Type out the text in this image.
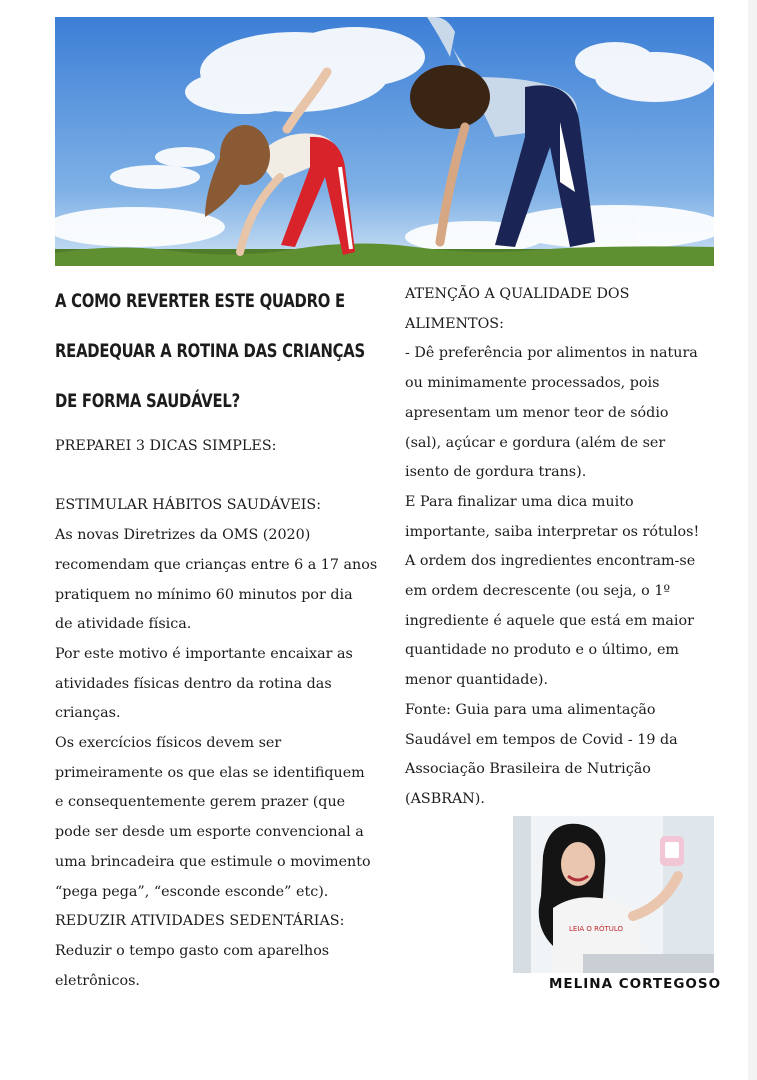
A COMO REVERTER ESTE QUADRO E
READEQUAR A ROTINA DAS CRIANÇAS
DE FORMA SAUDÁVEL?
PREPAREI 3 DICAS SIMPLES:
ESTIMULAR HÁBITOS SAUDÁVEIS:
As novas Diretrizes da OMS (2020)
recomendam que crianças entre 6 a 17 anos
pratiquem no mínimo 60 minutos por dia
de atividade física.
Por este motivo é importante encaixar as
atividades físicas dentro da rotina das
crianças.
Os exercícios físicos devem ser
primeiramente os que elas se identifiquem
e consequentemente gerem prazer (que
pode ser desde um esporte convencional a
uma brincadeira que estimule o movimento
“pega pega”, “esconde esconde” etc).
REDUZIR ATIVIDADES SEDENTÁRIAS:
Reduzir o tempo gasto com aparelhos
eletrônicos.
ATENÇÃO A QUALIDADE DOS
ALIMENTOS:
- Dê preferência por alimentos in natura
ou minimamente processados, pois
apresentam um menor teor de sódio
(sal), açúcar e gordura (além de ser
isento de gordura trans).
E Para finalizar uma dica muito
importante, saiba interpretar os rótulos!
A ordem dos ingredientes encontram-se
em ordem decrescente (ou seja, o 1º
ingrediente é aquele que está em maior
quantidade no produto e o último, em
menor quantidade).
Fonte: Guia para uma alimentação
Saudável em tempos de Covid - 19 da
Associação Brasileira de Nutrição
(ASBRAN).
LEIA O RÓTULO
MELINA CORTEGOSO
